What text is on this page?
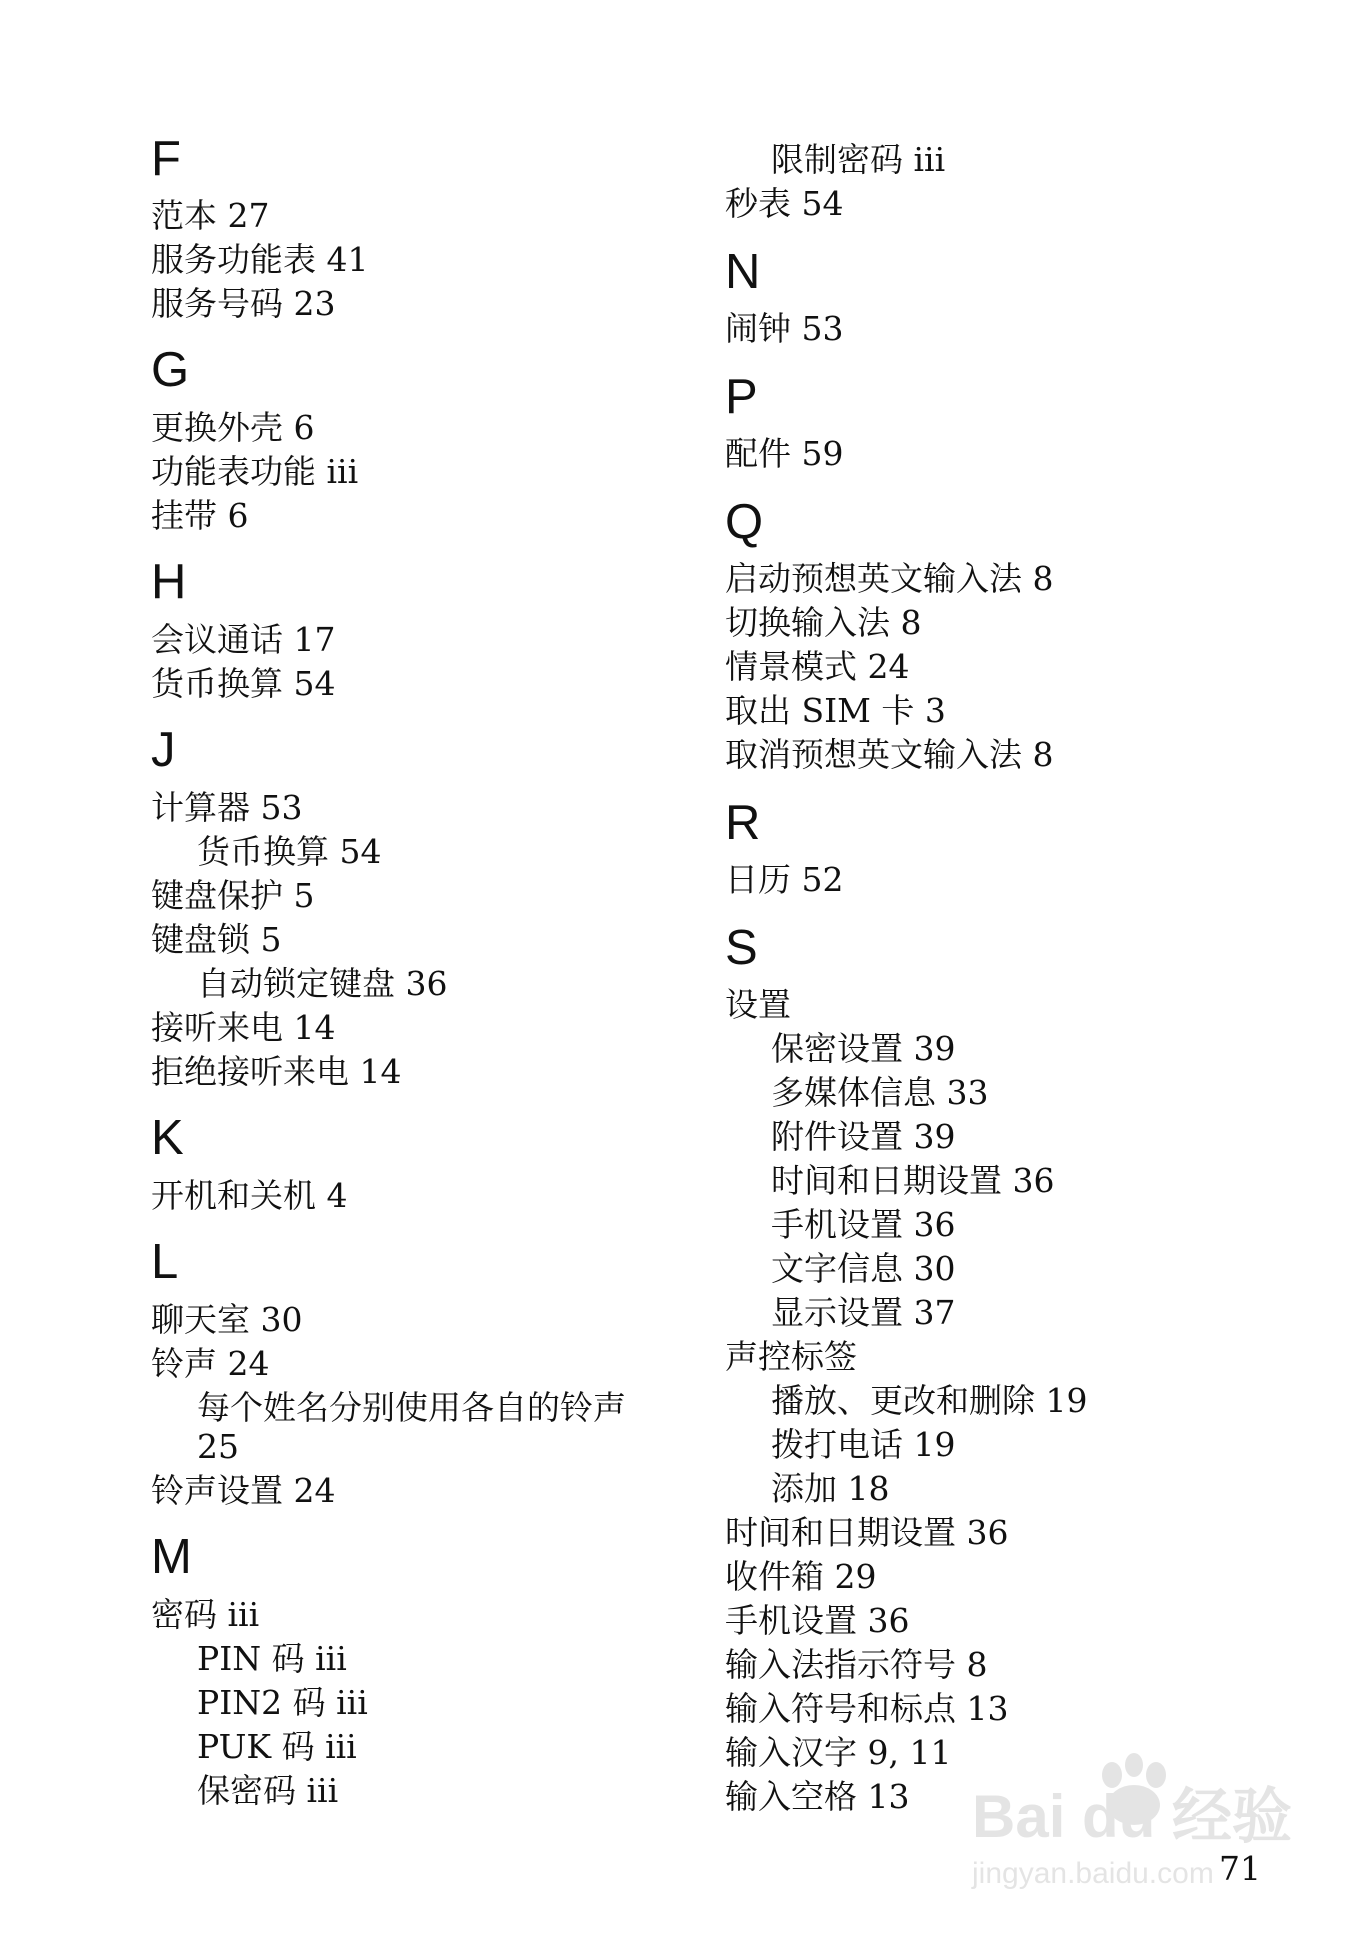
F
范本 27
服务功能表 41
服务号码 23
G
更换外壳 6
功能表功能 iii
挂带 6
H
会议通话 17
货币换算 54
J
计算器 53
货币换算 54
键盘保护 5
键盘锁 5
自动锁定键盘 36
接听来电 14
拒绝接听来电 14
K
开机和关机 4
L
聊天室 30
铃声 24
每个姓名分别使用各自的铃声
25
铃声设置 24
M
密码 iii
PIN 码 iii
PIN2 码 iii
PUK 码 iii
保密码 iii
限制密码 iii
秒表 54
N
闹钟 53
P
配件 59
Q
启动预想英文输入法 8
切换输入法 8
情景模式 24
取出 SIM 卡 3
取消预想英文输入法 8
R
日历 52
S
设置
保密设置 39
多媒体信息 33
附件设置 39
时间和日期设置 36
手机设置 36
文字信息 30
显示设置 37
声控标签
播放、更改和删除 19
拨打电话 19
添加 18
时间和日期设置 36
收件箱 29
手机设置 36
输入法指示符号 8
输入符号和标点 13
输入汉字 9, 11
输入空格 13 Bai du 经验
jingyan.baidu.com 71
